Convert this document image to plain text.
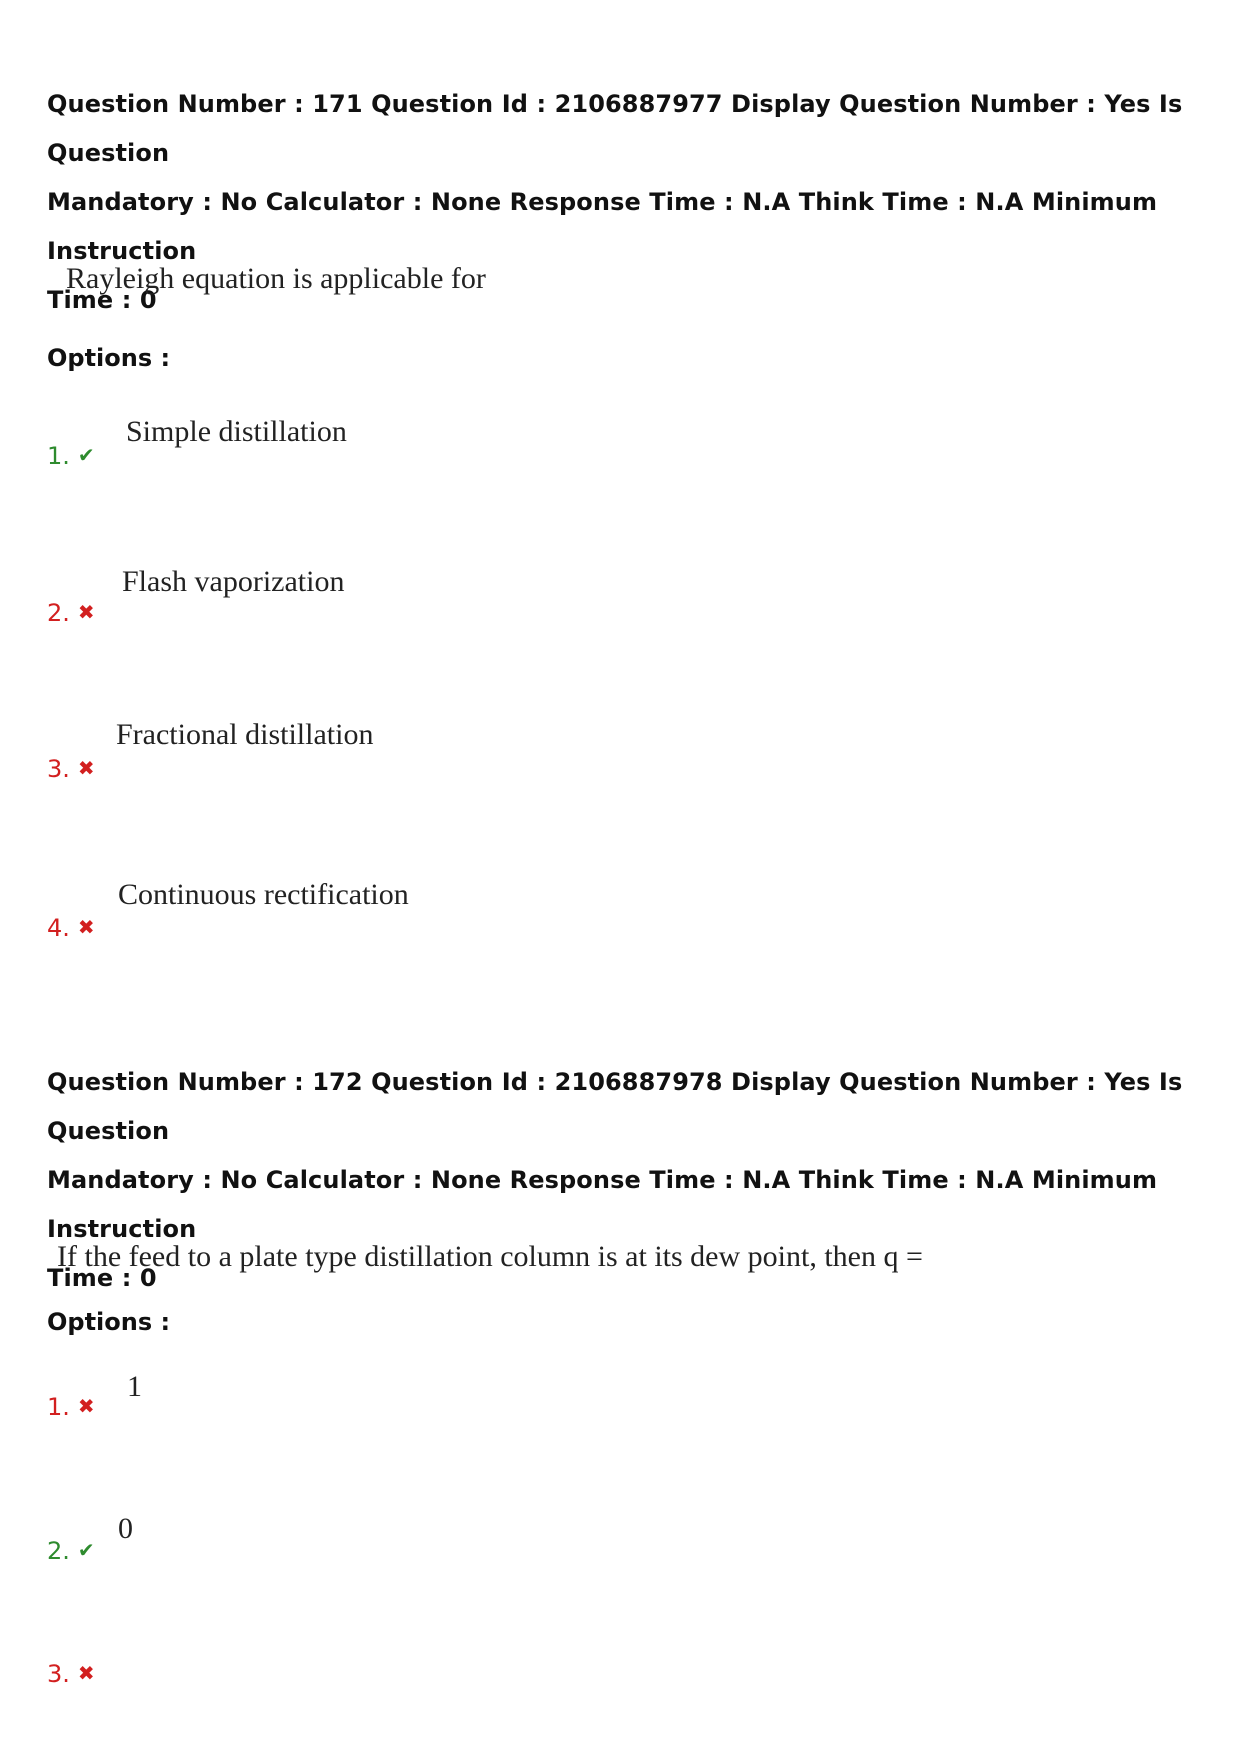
Question Number : 171 Question Id : 2106887977 Display Question Number : Yes Is Question

Mandatory : No Calculator : None Response Time : N.A Think Time : N.A Minimum Instruction

Time : 0

Rayleigh equation is applicable for
Options :
1. ✔
Simple distillation
2. ✖
Flash vaporization
3. ✖
Fractional distillation
4. ✖
Continuous rectification

Question Number : 172 Question Id : 2106887978 Display Question Number : Yes Is Question

Mandatory : No Calculator : None Response Time : N.A Think Time : N.A Minimum Instruction

Time : 0

If the feed to a plate type distillation column is at its dew point, then q =
Options :
1. ✖
1
2. ✔
0
3. ✖
